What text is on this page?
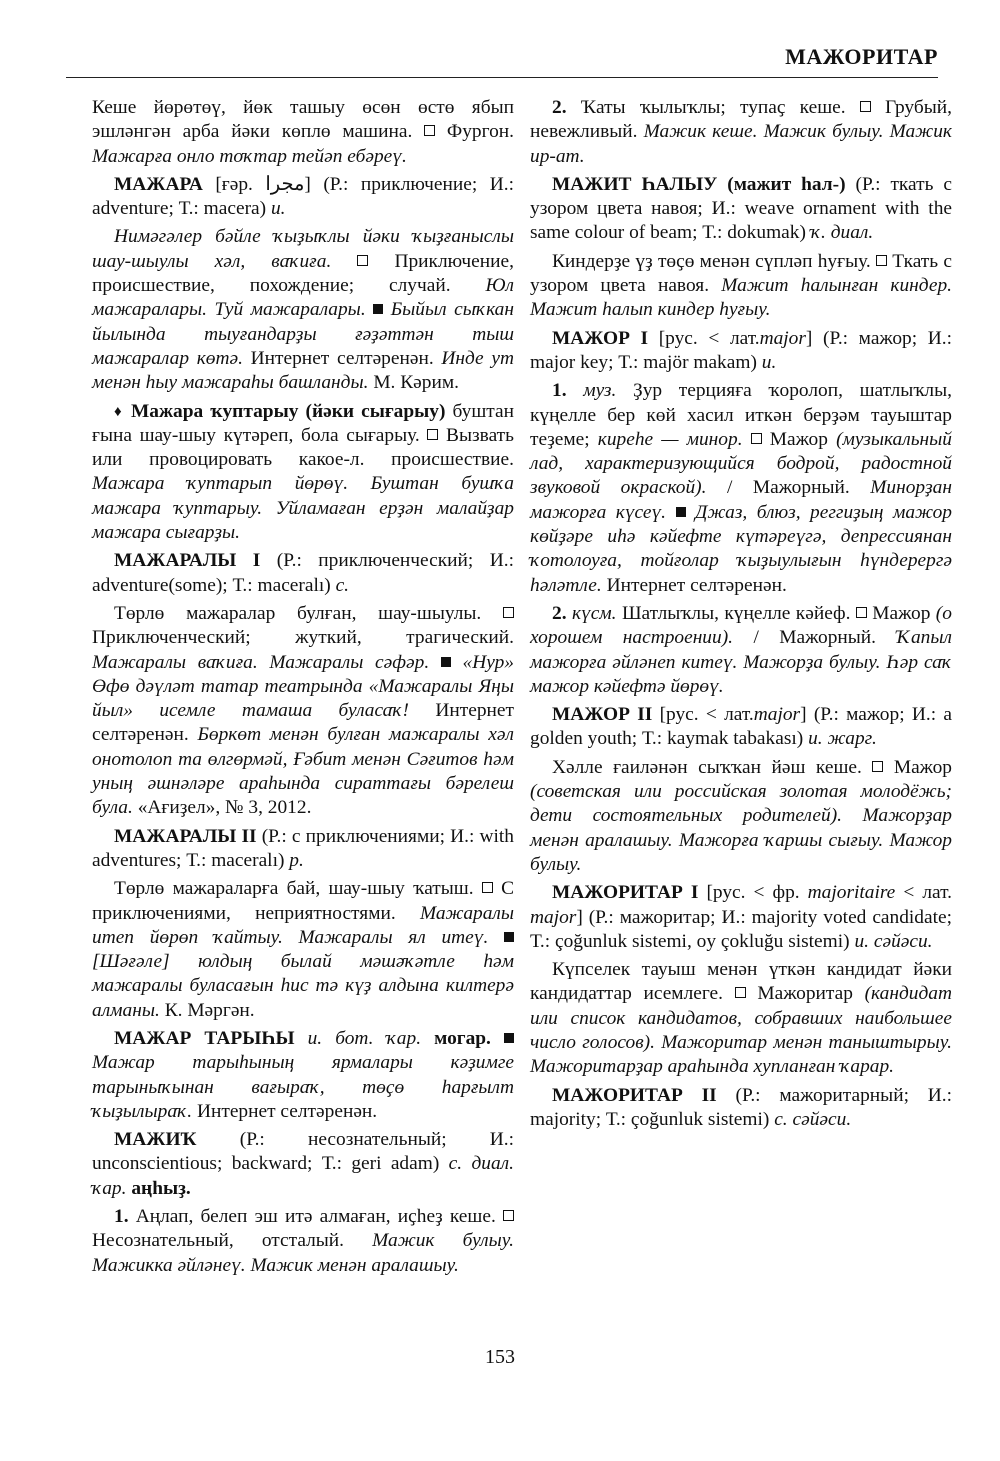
МАЖОРИТАР

Кеше йөрөтөү, йөк ташыу өсөн өстө ябып эшләнгән арба йәки көплө машина. Фургон. Мажарға онло тоҡтар тейәп ебәреү.

МАЖАРА [ғәр. مجرا] (Р.: приключение; И.: adventure; Т.: macera) и.

Нимәгәлер бәйле ҡыҙыҡлы йәки ҡыҙғаныслы шау-шыулы хәл, ваҡиға.	Приключение, происшествие, похождение; случай. Юл мажаралары. Туй мажаралары. Быйыл сыҡкан йылында тыуғандарҙы ғәҙәттән тыш мажаралар көтә. Интернет селтәренән. Инде ут менән һыу мажараһы башланды. М. Кәрим.

♦ Мажара ҡуптарыу (йәки сығарыу) буштан ғына шау-шыу күтәреп, бола сығарыу. Вызвать или провоцировать какое-л. происшествие. Мажара ҡуптарып йөрөү. Буштан бушҡа мажара ҡуптарыу. Уйламаған ерҙән малайҙар мажара сығарҙы.

МАЖАРАЛЫ I (Р.: приключенческий; И.: adventure(some); Т.: maceralı) с.

Төрлө мажаралар булған, шау-шыулы.  Приключенческий; жуткий, трагический. Мажаралы ваҡиға. Мажаралы сәфәр. «Нур» Өфө дәүләт татар театрында «Мажаралы Яңы йыл» исемле тамаша буласаҡ! Интернет селтәренән. Бөркөт менән булған мажаралы хәл онотолоп та өлгөрмәй, Ғәбит менән Сәғитов һәм уның әшнәләре араһында сираттағы бәрелеш була. «Ағиҙел», № 3, 2012.

МАЖАРАЛЫ II (Р.: с приключениями; И.: with adventures; Т.: maceralı) р.

Төрлө мажараларға бай, шау-шыу ҡатыш. С приключениями, неприятностями. Мажаралы итеп йөрөп ҡайтыу. Мажаралы ял итеү.  [Шәғәле] юлдың былай мәшәҡәтле һәм мажаралы буласағын һис тә күҙ алдына килтерә алманы. К. Мәргән.

МАЖАР ТАРЫҺЫ и. бот. ҡар. могар.  Мажар тарыһының ярмалары кәҙимге тарыныҡынан вағыраҡ, төҫө һарғылт ҡыҙылыраҡ. Интернет селтәренән.

МАЖИҠ (Р.: несознательный; И.: unconscientious; backward; Т.: geri adam) с. диал. ҡар. аңһыҙ.

1. Аңлап, белеп эш итә алмаған, иҫһеҙ кеше.  Несознательный, отсталый. Мажик булыу. Мажикка әйләнеү. Мажик менән аралашыу.

2. Ҡаты ҡылыҡлы; тупаҫ кеше. Грубый, невежливый. Мажик кеше. Мажик булыу. Мажик ир-ат.

МАЖИТ ҺАЛЫУ (мажит һал-) (Р.: ткать с узором цвета навоя; И.: weave ornament with the same colour of beam; Т.: dokumak) ҡ. диал.

Киндерҙе үҙ төҫө менән сүпләп һуғыу. Ткать с узором цвета навоя. Мажит һалынған киндер. Мажит һалып киндер һуғыу.

МАЖОР I [рус. < лат.major] (Р.: мажор; И.: major key; Т.: majör makam) и.

1. муз. Ҙур терцияға ҡоролоп, шатлыҡлы, күңелле бер көй хасил иткән берҙәм тауыштар теҙеме; киреһе — минор. Мажор (музыкальный лад, характеризующийся бодрой, радостной звуковой окраской). / Мажорный. Минорҙан мажорға күсеү. Джаз, блюз, реггиҙың мажор көйҙәре иһә кәйефте күтәреүгә, депрессиянан ҡотолоуға, тойғолар ҡыҙыулығын һүндерергә һәләтле. Интернет селтәренән.

2. күсм. Шатлыҡлы, күңелле кәйеф. Мажор (о хорошем настроении). / Мажорный. Ҡапыл мажорға әйләнеп китеү. Мажорҙа булыу. Һәр саҡ мажор кәйефтә йөрөү.

МАЖОР II [рус. < лат.major] (Р.: мажор; И.: a golden youth; Т.: kaymak tabakası) и. жарг.

Хәлле ғаиләнән сыҡҡан йәш кеше. Мажор (советская или российская золотая молодёжь; дети состоятельных родителей). Мажорҙар менән аралашыу. Мажорға ҡаршы сығыу. Мажор булыу.

МАЖОРИТАР I [рус. < фр. majoritaire < лат. major] (Р.: мажоритар; И.: majority voted candidate; Т.: çoğunluk sistemi, oy çokluğu sistemi) и. сәйәси.

Күпселек тауыш менән үткән кандидат йәки кандидаттар исемлеге. Мажоритар (кандидат или список кандидатов, собравших наибольшее число голосов). Мажоритар менән таныштырыу. Мажоритарҙар араһында хупланған ҡарар.

МАЖОРИТАР II (Р.: мажоритарный; И.: majority; Т.: çoğunluk sistemi) с. сәйәси.

153
